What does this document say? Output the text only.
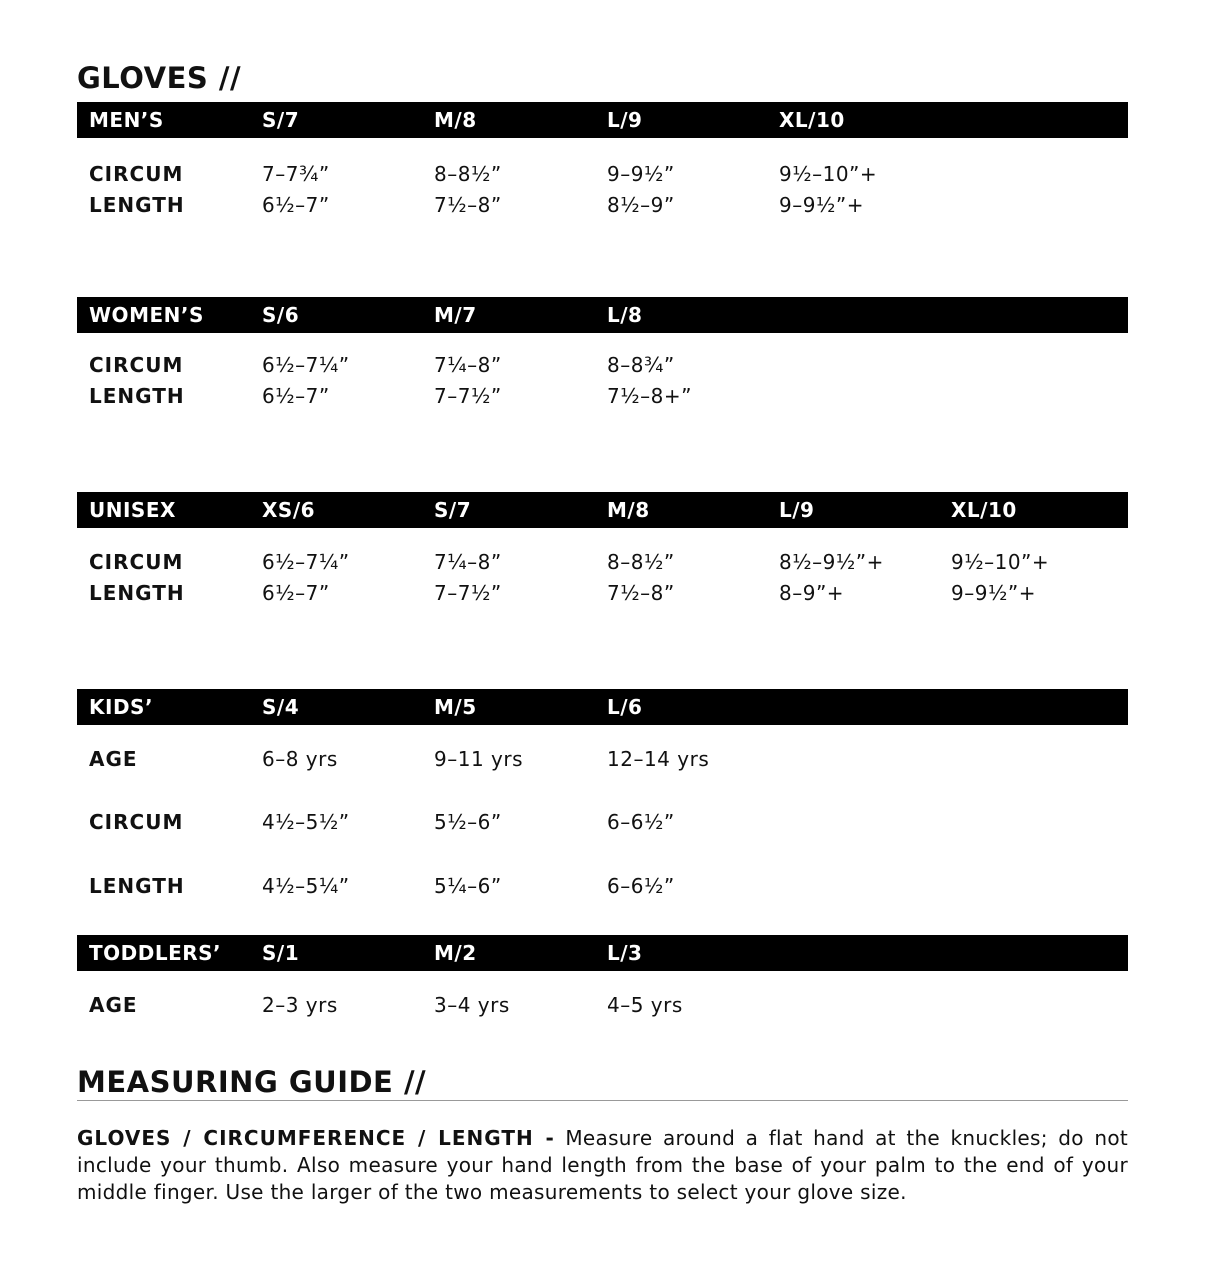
GLOVES //
MEN’S	S/7	M/8	L/9	XL/10
CIRCUM	7–7¾”	8–8½”	9–9½”	9½–10”+
LENGTH	6½–7”	7½–8”	8½–9”	9–9½”+
WOMEN’S	S/6	M/7	L/8
CIRCUM	6½–7¼”	7¼–8”	8–8¾”
LENGTH	6½–7”	7–7½”	7½–8+”
UNISEX	XS/6	S/7	M/8	L/9	XL/10
CIRCUM	6½–7¼”	7¼–8”	8–8½”	8½–9½”+	9½–10”+
LENGTH	6½–7”	7–7½”	7½–8”	8–9”+	9–9½”+
KIDS’	S/4	M/5	L/6
AGE	6–8 yrs	9–11 yrs	12–14 yrs
CIRCUM	4½–5½”	5½–6”	6–6½”
LENGTH	4½–5¼”	5¼–6”	6–6½”
TODDLERS’ S/1	M/2	L/3
AGE	2–3 yrs	3–4 yrs	4–5 yrs
MEASURING GUIDE //
GLOVES / CIRCUMFERENCE / LENGTH - Measure around a flat hand at the knuckles; do not include your thumb. Also measure your hand length from the base of your palm to the end of your middle finger. Use the larger of the two measurements to select your glove size.
